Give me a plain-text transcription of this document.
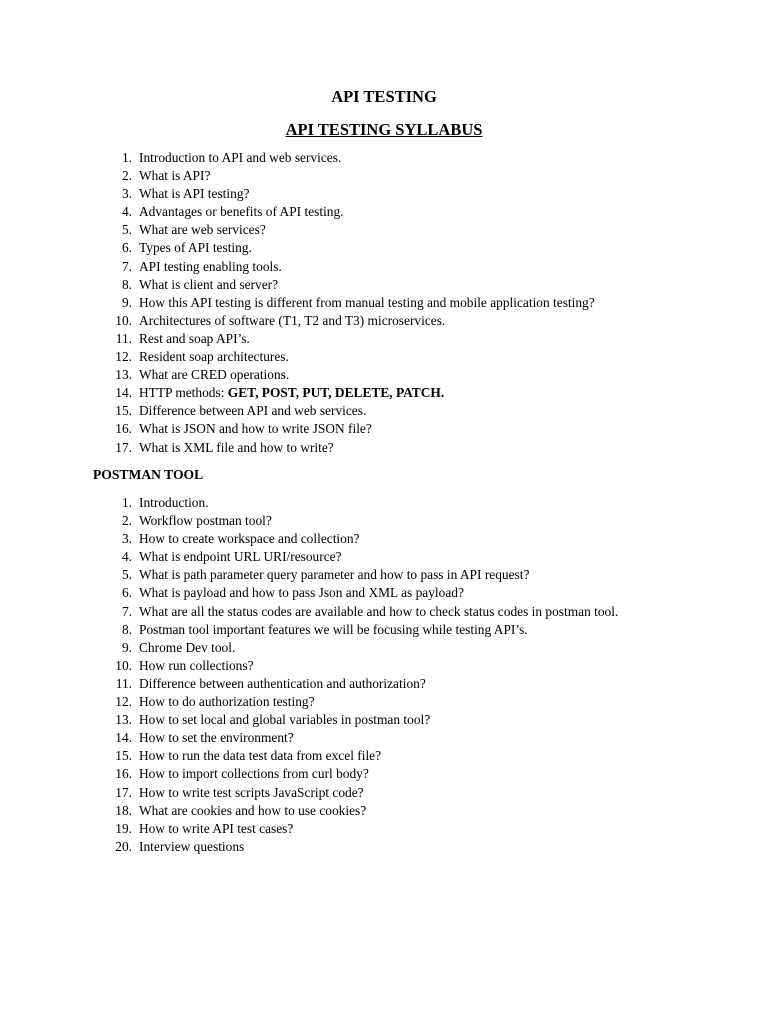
API TESTING
API TESTING SYLLABUS
1. Introduction to API and web services.
2. What is API?
3. What is API testing?
4. Advantages or benefits of API testing.
5. What are web services?
6. Types of API testing.
7. API testing enabling tools.
8. What is client and server?
9. How this API testing is different from manual testing and mobile application testing?
10. Architectures of software (T1, T2 and T3) microservices.
11. Rest and soap API’s.
12. Resident soap architectures.
13. What are CRED operations.
14. HTTP methods: GET, POST, PUT, DELETE, PATCH.
15. Difference between API and web services.
16. What is JSON and how to write JSON file?
17. What is XML file and how to write?
POSTMAN TOOL
1. Introduction.
2. Workflow postman tool?
3. How to create workspace and collection?
4. What is endpoint URL URI/resource?
5. What is path parameter query parameter and how to pass in API request?
6. What is payload and how to pass Json and XML as payload?
7. What are all the status codes are available and how to check status codes in postman tool.
8. Postman tool important features we will be focusing while testing API’s.
9. Chrome Dev tool.
10. How run collections?
11. Difference between authentication and authorization?
12. How to do authorization testing?
13. How to set local and global variables in postman tool?
14. How to set the environment?
15. How to run the data test data from excel file?
16. How to import collections from curl body?
17. How to write test scripts JavaScript code?
18. What are cookies and how to use cookies?
19. How to write API test cases?
20. Interview questions
